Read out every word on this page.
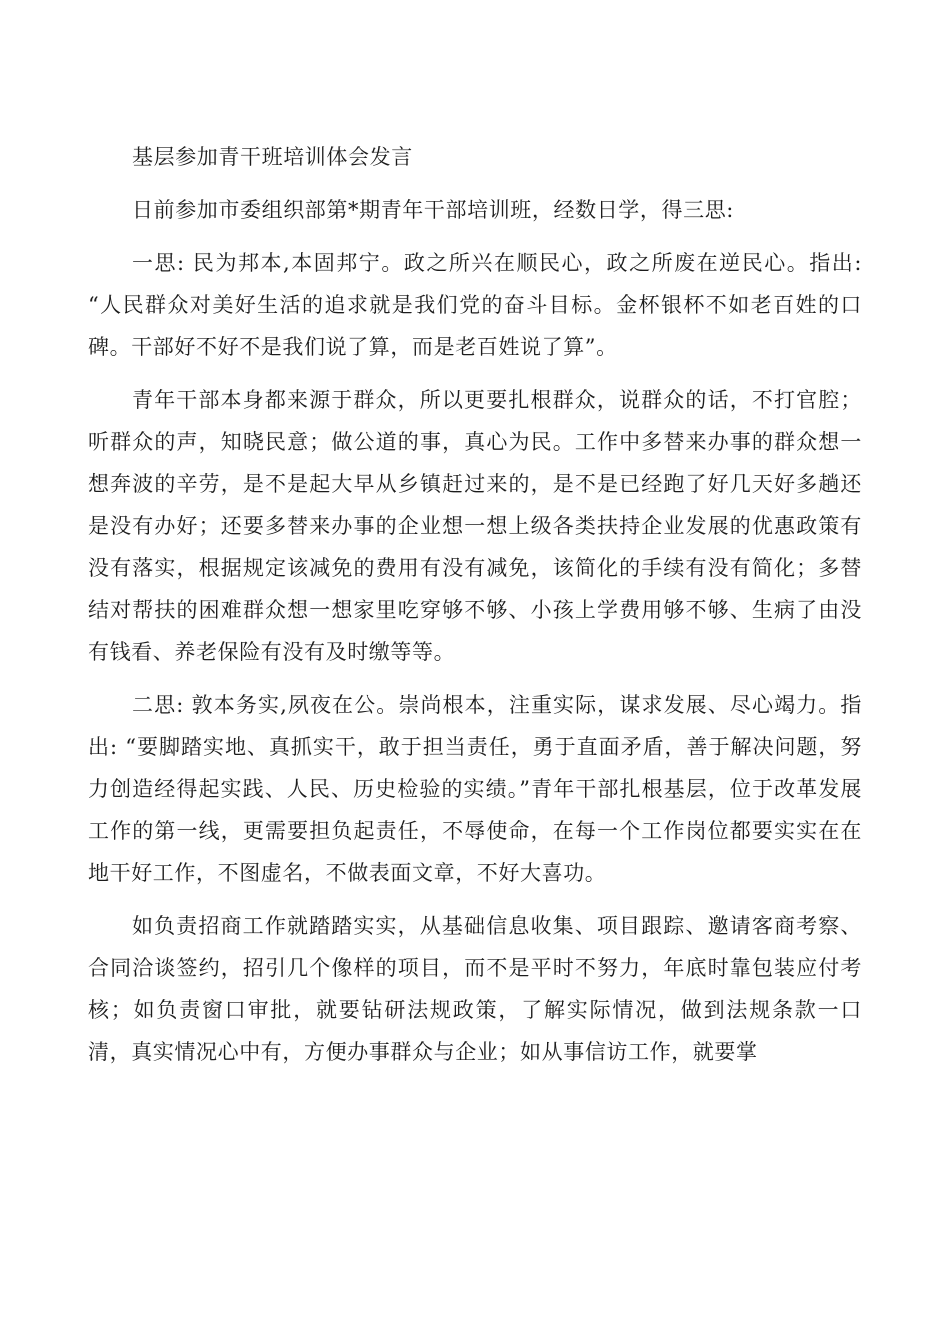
基层参加青干班培训体会发言

日前参加市委组织部第*期青年干部培训班，经数日学，得三思:

一思: 民为邦本,本固邦宁。政之所兴在顺民心，政之所废在逆民心。指出: “人民群众对美好生活的追求就是我们党的奋斗目标。金杯银杯不如老百姓的口碑。干部好不好不是我们说了算，而是老百姓说了算”。

青年干部本身都来源于群众，所以更要扎根群众，说群众的话，不打官腔；听群众的声，知晓民意；做公道的事，真心为民。工作中多替来办事的群众想一想奔波的辛劳，是不是起大早从乡镇赶过来的，是不是已经跑了好几天好多趟还是没有办好；还要多替来办事的企业想一想上级各类扶持企业发展的优惠政策有没有落实，根据规定该减免的费用有没有减免，该简化的手续有没有简化；多替结对帮扶的困难群众想一想家里吃穿够不够、小孩上学费用够不够、生病了由没有钱看、养老保险有没有及时缴等等。

二思: 敦本务实,夙夜在公。崇尚根本，注重实际，谋求发展、尽心竭力。指出: “要脚踏实地、真抓实干，敢于担当责任，勇于直面矛盾，善于解决问题，努力创造经得起实践、人民、历史检验的实绩。”青年干部扎根基层，位于改革发展工作的第一线，更需要担负起责任，不辱使命，在每一个工作岗位都要实实在在地干好工作，不图虚名，不做表面文章，不好大喜功。

如负责招商工作就踏踏实实，从基础信息收集、项目跟踪、邀请客商考察、合同洽谈签约，招引几个像样的项目，而不是平时不努力，年底时靠包装应付考核；如负责窗口审批，就要钻研法规政策，了解实际情况，做到法规条款一口清，真实情况心中有，方便办事群众与企业；如从事信访工作，就要掌
